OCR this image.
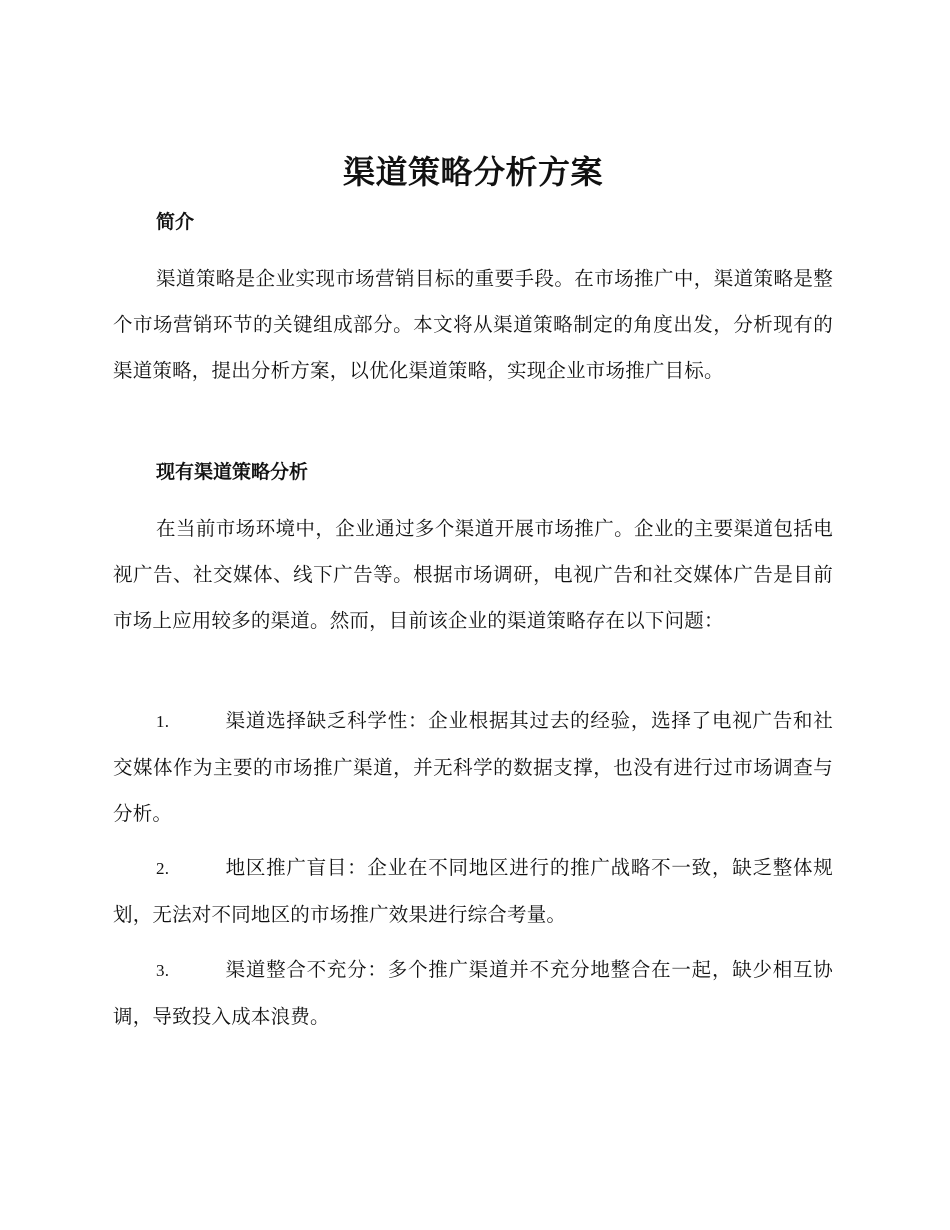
渠道策略分析方案
简介

渠道策略是企业实现市场营销目标的重要手段。在市场推广中，渠道策略是整个市场营销环节的关键组成部分。本文将从渠道策略制定的角度出发，分析现有的渠道策略，提出分析方案，以优化渠道策略，实现企业市场推广目标。

现有渠道策略分析

在当前市场环境中，企业通过多个渠道开展市场推广。企业的主要渠道包括电视广告、社交媒体、线下广告等。根据市场调研，电视广告和社交媒体广告是目前市场上应用较多的渠道。然而，目前该企业的渠道策略存在以下问题：

1.	渠道选择缺乏科学性：企业根据其过去的经验，选择了电视广告和社交媒体作为主要的市场推广渠道，并无科学的数据支撑，也没有进行过市场调查与分析。

2.	地区推广盲目：企业在不同地区进行的推广战略不一致，缺乏整体规划，无法对不同地区的市场推广效果进行综合考量。

3.	渠道整合不充分：多个推广渠道并不充分地整合在一起，缺少相互协调，导致投入成本浪费。
